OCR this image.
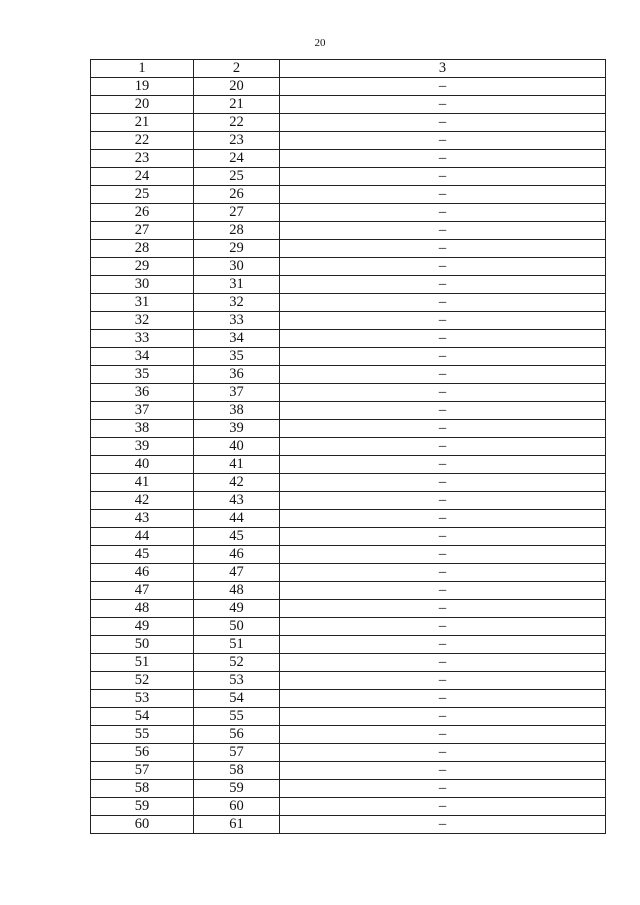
20
1	2	3
19	20	–
20	21	–
21	22	–
22	23	–
23	24	–
24	25	–
25	26	–
26	27	–
27	28	–
28	29	–
29	30	–
30	31	–
31	32	–
32	33	–
33	34	–
34	35	–
35	36	–
36	37	–
37	38	–
38	39	–
39	40	–
40	41	–
41	42	–
42	43	–
43	44	–
44	45	–
45	46	–
46	47	–
47	48	–
48	49	–
49	50	–
50	51	–
51	52	–
52	53	–
53	54	–
54	55	–
55	56	–
56	57	–
57	58	–
58	59	–
59	60	–
60	61	–
